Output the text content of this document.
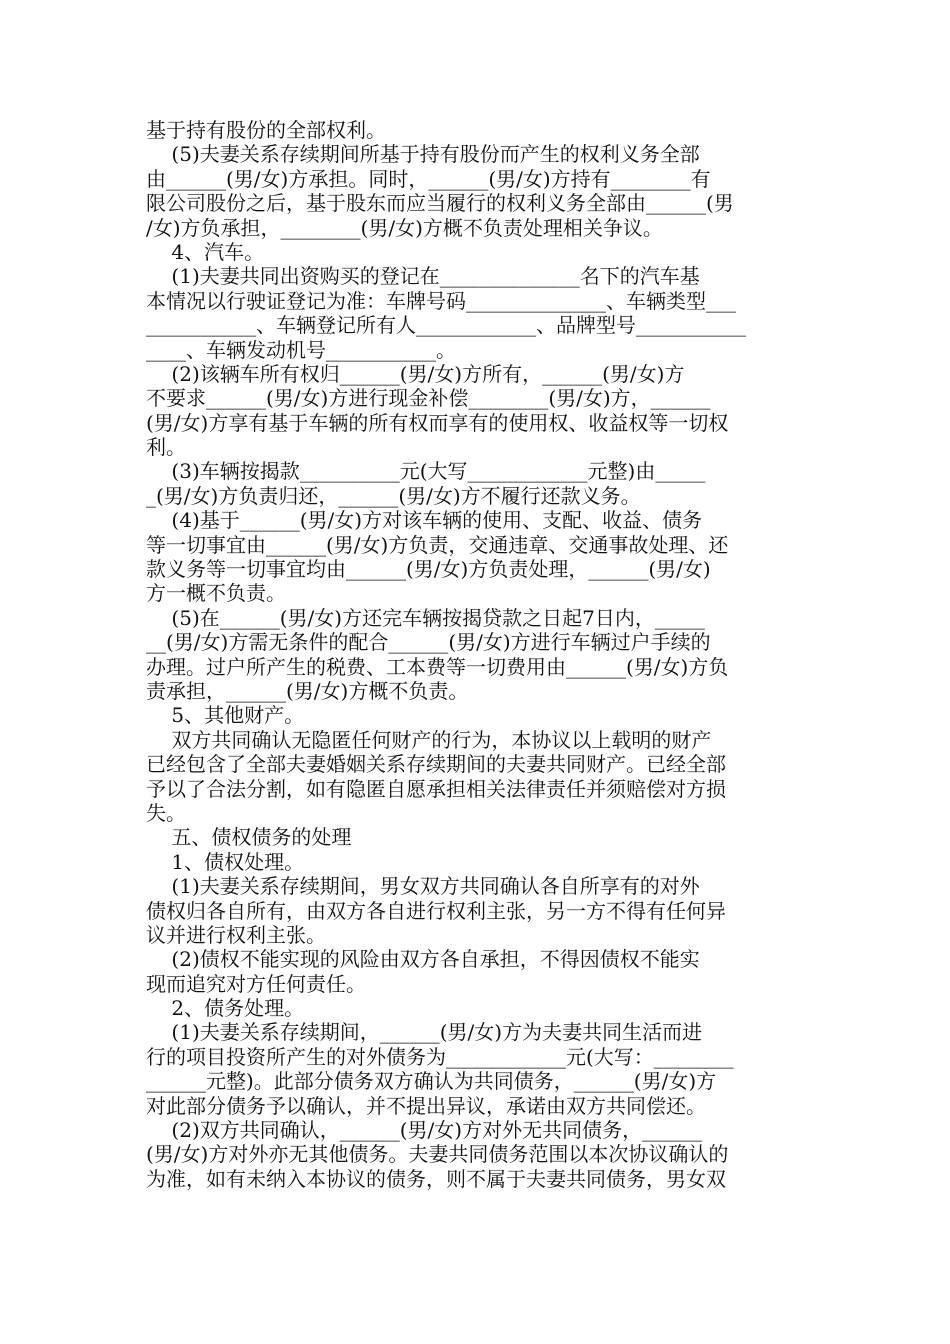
基于持有股份的全部权利。
(5)夫妻关系存续期间所基于持有股份而产生的权利义务全部
由______(男/女)方承担。同时，______(男/女)方持有________有
限公司股份之后，基于股东而应当履行的权利义务全部由______(男
/女)方负承担，________(男/女)方概不负责处理相关争议。
4、汽车。
(1)夫妻共同出资购买的登记在______________名下的汽车基
本情况以行驶证登记为准：车牌号码______________、车辆类型___
___________、车辆登记所有人____________、品牌型号___________
____、车辆发动机号___________。
(2)该辆车所有权归______(男/女)方所有，______(男/女)方
不要求______(男/女)方进行现金补偿________(男/女)方，______
(男/女)方享有基于车辆的所有权而享有的使用权、收益权等一切权
利。
(3)车辆按揭款__________元(大写____________元整)由_____
_(男/女)方负责归还，______(男/女)方不履行还款义务。
(4)基于______(男/女)方对该车辆的使用、支配、收益、债务
等一切事宜由______(男/女)方负责，交通违章、交通事故处理、还
款义务等一切事宜均由______(男/女)方负责处理，______(男/女)
方一概不负责。
(5)在______(男/女)方还完车辆按揭贷款之日起7日内，_____
__(男/女)方需无条件的配合______(男/女)方进行车辆过户手续的
办理。过户所产生的税费、工本费等一切费用由______(男/女)方负
责承担，______(男/女)方概不负责。
5、其他财产。
双方共同确认无隐匿任何财产的行为，本协议以上载明的财产
已经包含了全部夫妻婚姻关系存续期间的夫妻共同财产。已经全部
予以了合法分割，如有隐匿自愿承担相关法律责任并须赔偿对方损
失。
五、债权债务的处理
1、债权处理。
(1)夫妻关系存续期间，男女双方共同确认各自所享有的对外
债权归各自所有，由双方各自进行权利主张，另一方不得有任何异
议并进行权利主张。
(2)债权不能实现的风险由双方各自承担，不得因债权不能实
现而追究对方任何责任。
2、债务处理。
(1)夫妻关系存续期间，______(男/女)方为夫妻共同生活而进
行的项目投资所产生的对外债务为____________元(大写：________
______元整)。此部分债务双方确认为共同债务，______(男/女)方
对此部分债务予以确认，并不提出异议，承诺由双方共同偿还。
(2)双方共同确认，______(男/女)方对外无共同债务，______
(男/女)方对外亦无其他债务。夫妻共同债务范围以本次协议确认的
为准，如有未纳入本协议的债务，则不属于夫妻共同债务，男女双
